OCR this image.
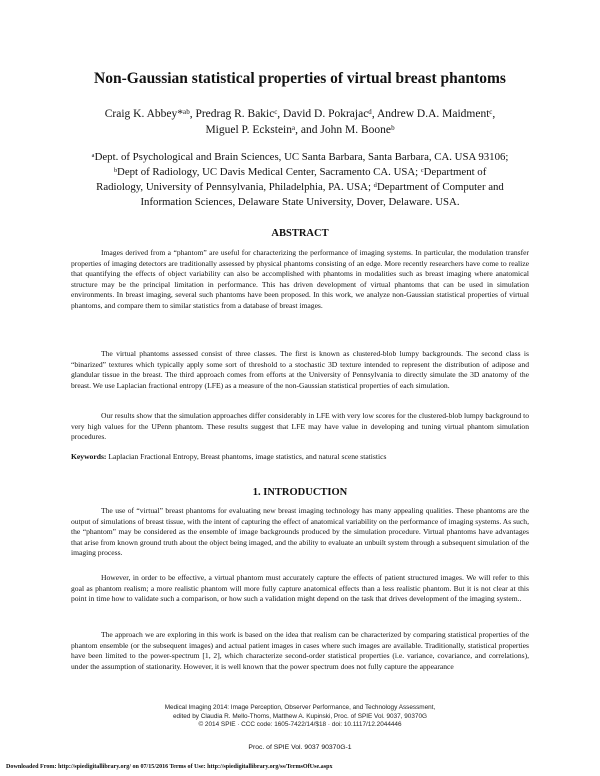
Non-Gaussian statistical properties of virtual breast phantoms
Craig K. Abbey*ᵃᵇ, Predrag R. Bakicᶜ, David D. Pokrajacᵈ, Andrew D.A. Maidmentᶜ,
Miguel P. Ecksteinᵃ, and John M. Booneᵇ
ᵃDept. of Psychological and Brain Sciences, UC Santa Barbara, Santa Barbara, CA. USA 93106;
ᵇDept of Radiology, UC Davis Medical Center, Sacramento CA. USA; ᶜDepartment of
Radiology, University of Pennsylvania, Philadelphia, PA. USA; ᵈDepartment of Computer and
Information Sciences, Delaware State University, Dover, Delaware. USA.
ABSTRACT
Images derived from a “phantom” are useful for characterizing the performance of imaging systems. In particular, the modulation transfer properties of imaging detectors are traditionally assessed by physical phantoms consisting of an edge. More recently researchers have come to realize that quantifying the effects of object variability can also be accomplished with phantoms in modalities such as breast imaging where anatomical structure may be the principal limitation in performance. This has driven development of virtual phantoms that can be used in simulation environments. In breast imaging, several such phantoms have been proposed. In this work, we analyze non-Gaussian statistical properties of virtual phantoms, and compare them to similar statistics from a database of breast images.
The virtual phantoms assessed consist of three classes. The first is known as clustered-blob lumpy backgrounds. The second class is “binarized” textures which typically apply some sort of threshold to a stochastic 3D texture intended to represent the distribution of adipose and glandular tissue in the breast. The third approach comes from efforts at the University of Pennsylvania to directly simulate the 3D anatomy of the breast. We use Laplacian fractional entropy (LFE) as a measure of the non-Gaussian statistical properties of each simulation.
Our results show that the simulation approaches differ considerably in LFE with very low scores for the clustered-blob lumpy background to very high values for the UPenn phantom. These results suggest that LFE may have value in developing and tuning virtual phantom simulation procedures.
Keywords: Laplacian Fractional Entropy, Breast phantoms, image statistics, and natural scene statistics
1. INTRODUCTION
The use of “virtual” breast phantoms for evaluating new breast imaging technology has many appealing qualities. These phantoms are the output of simulations of breast tissue, with the intent of capturing the effect of anatomical variability on the performance of imaging systems. As such, the “phantom” may be considered as the ensemble of image backgrounds produced by the simulation procedure. Virtual phantoms have advantages that arise from known ground truth about the object being imaged, and the ability to evaluate an unbuilt system through a subsequent simulation of the imaging process.
However, in order to be effective, a virtual phantom must accurately capture the effects of patient structured images. We will refer to this goal as phantom realism; a more realistic phantom will more fully capture anatomical effects than a less realistic phantom. But it is not clear at this point in time how to validate such a comparison, or how such a validation might depend on the task that drives development of the imaging system..
The approach we are exploring in this work is based on the idea that realism can be characterized by comparing statistical properties of the phantom ensemble (or the subsequent images) and actual patient images in cases where such images are available. Traditionally, statistical properties have been limited to the power-spectrum [1, 2], which characterize second-order statistical properties (i.e. variance, covariance, and correlations), under the assumption of stationarity. However, it is well known that the power spectrum does not fully capture the appearance
Medical Imaging 2014: Image Perception, Observer Performance, and Technology Assessment,
edited by Claudia R. Mello-Thoms, Matthew A. Kupinski, Proc. of SPIE Vol. 9037, 90370G
© 2014 SPIE · CCC code: 1605-7422/14/$18 · doi: 10.1117/12.2044446
Proc. of SPIE Vol. 9037 90370G-1
Downloaded From: http://spiedigitallibrary.org/ on 07/15/2016 Terms of Use: http://spiedigitallibrary.org/ss/TermsOfUse.aspx
